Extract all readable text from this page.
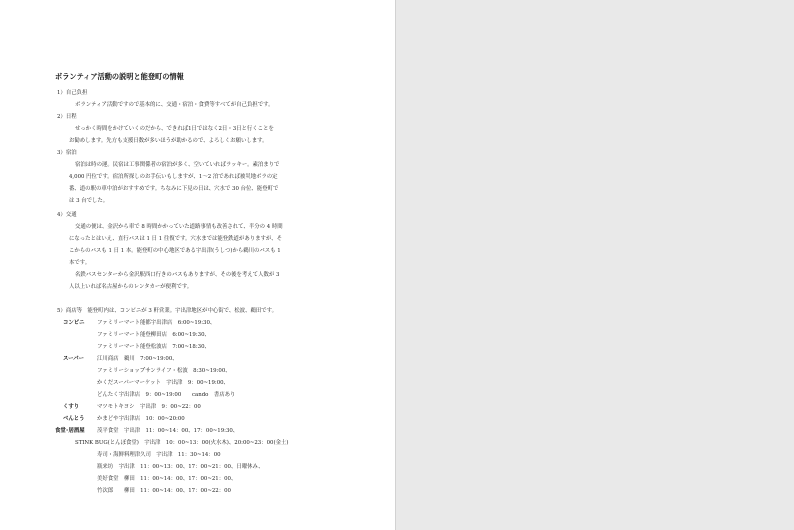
ボランティア活動の説明と能登町の情報
1）自己負担
ボランティア活動ですので基本的に、交通・宿泊・食費等すべてが自己負担です。
2）日程
せっかく時間をかけていくのだから、できれば1日ではなく2日・3日と行くことを
お勧めします。先方も支援日数が多いほうが助かるので、よろしくお願いします。
3）宿泊
宿泊は時の運。民宿は工事関係者の宿泊が多く、空いていればラッキー。素泊まりで
4,000 円位です。宿泊所探しのお手伝いもしますが、1～2 泊であれば被災地ボラの定
番、道の駅の車中泊がおすすめです。ちなみに下見の日は、穴水で 30 台位、能登町で
は 3 台でした。
4）交通
交通の便は、金沢から車で 8 時間かかっていた道路事情も改善されて、半分の 4 時間
になったとはいえ、直行バスは 1 日 1 往復です。穴水までは能登鉄道がありますが、そ
こからのバスも 1 日 1 本。能登町の中心地区である宇出津(うしつ)から鵜川のバスも 1
本です。
名鉄バスセンターから金沢駅西口行きのバスもありますが、その後を考えて人数が 3
人以上いれば名古屋からのレンタカーが便利です。
5）商店等　能登町内は、コンビニが 3 軒営業。宇出津地区が中心街で、松波、鵜田です。
コンビニ ファミリーマート能都宇出津店　6:00~19:30、
ファミリーマート能登柳田店　6:00~19:30、
ファミリーマート能登松波店　7:00~18:30、
スーパー 江川商店　鵜川　7:00~19:00、
ファミリーショップサンライフ・松波　8:30~19:00、
かくだスーパーマーケット　宇出津　9：00~19:00、
どんたく宇出津店　9：00~19:00　　cando　書店あり
くすり	マツモトキヨシ　宇出津　9：00~22：00
べんとう かまどや宇出津店　10：00~20:00
食堂･居酒屋 茂平食堂　宇出津　11：00~14：00、17：00~19:30、
STINK BUG(とんぼ食堂)　宇出津　10：00~13：00(火水木)、20:00~23：00(金土)
寿司・海鮮料理津久司　宇出津　11：30~14：00
瓶来坊　宇出津　11：00~13：00、17：00~21：00、日曜休み、
美好食堂　柳田　11：00~14：00、17：00~21：00、
竹次郎　　柳田　11：00~14：00、17：00~22：00
